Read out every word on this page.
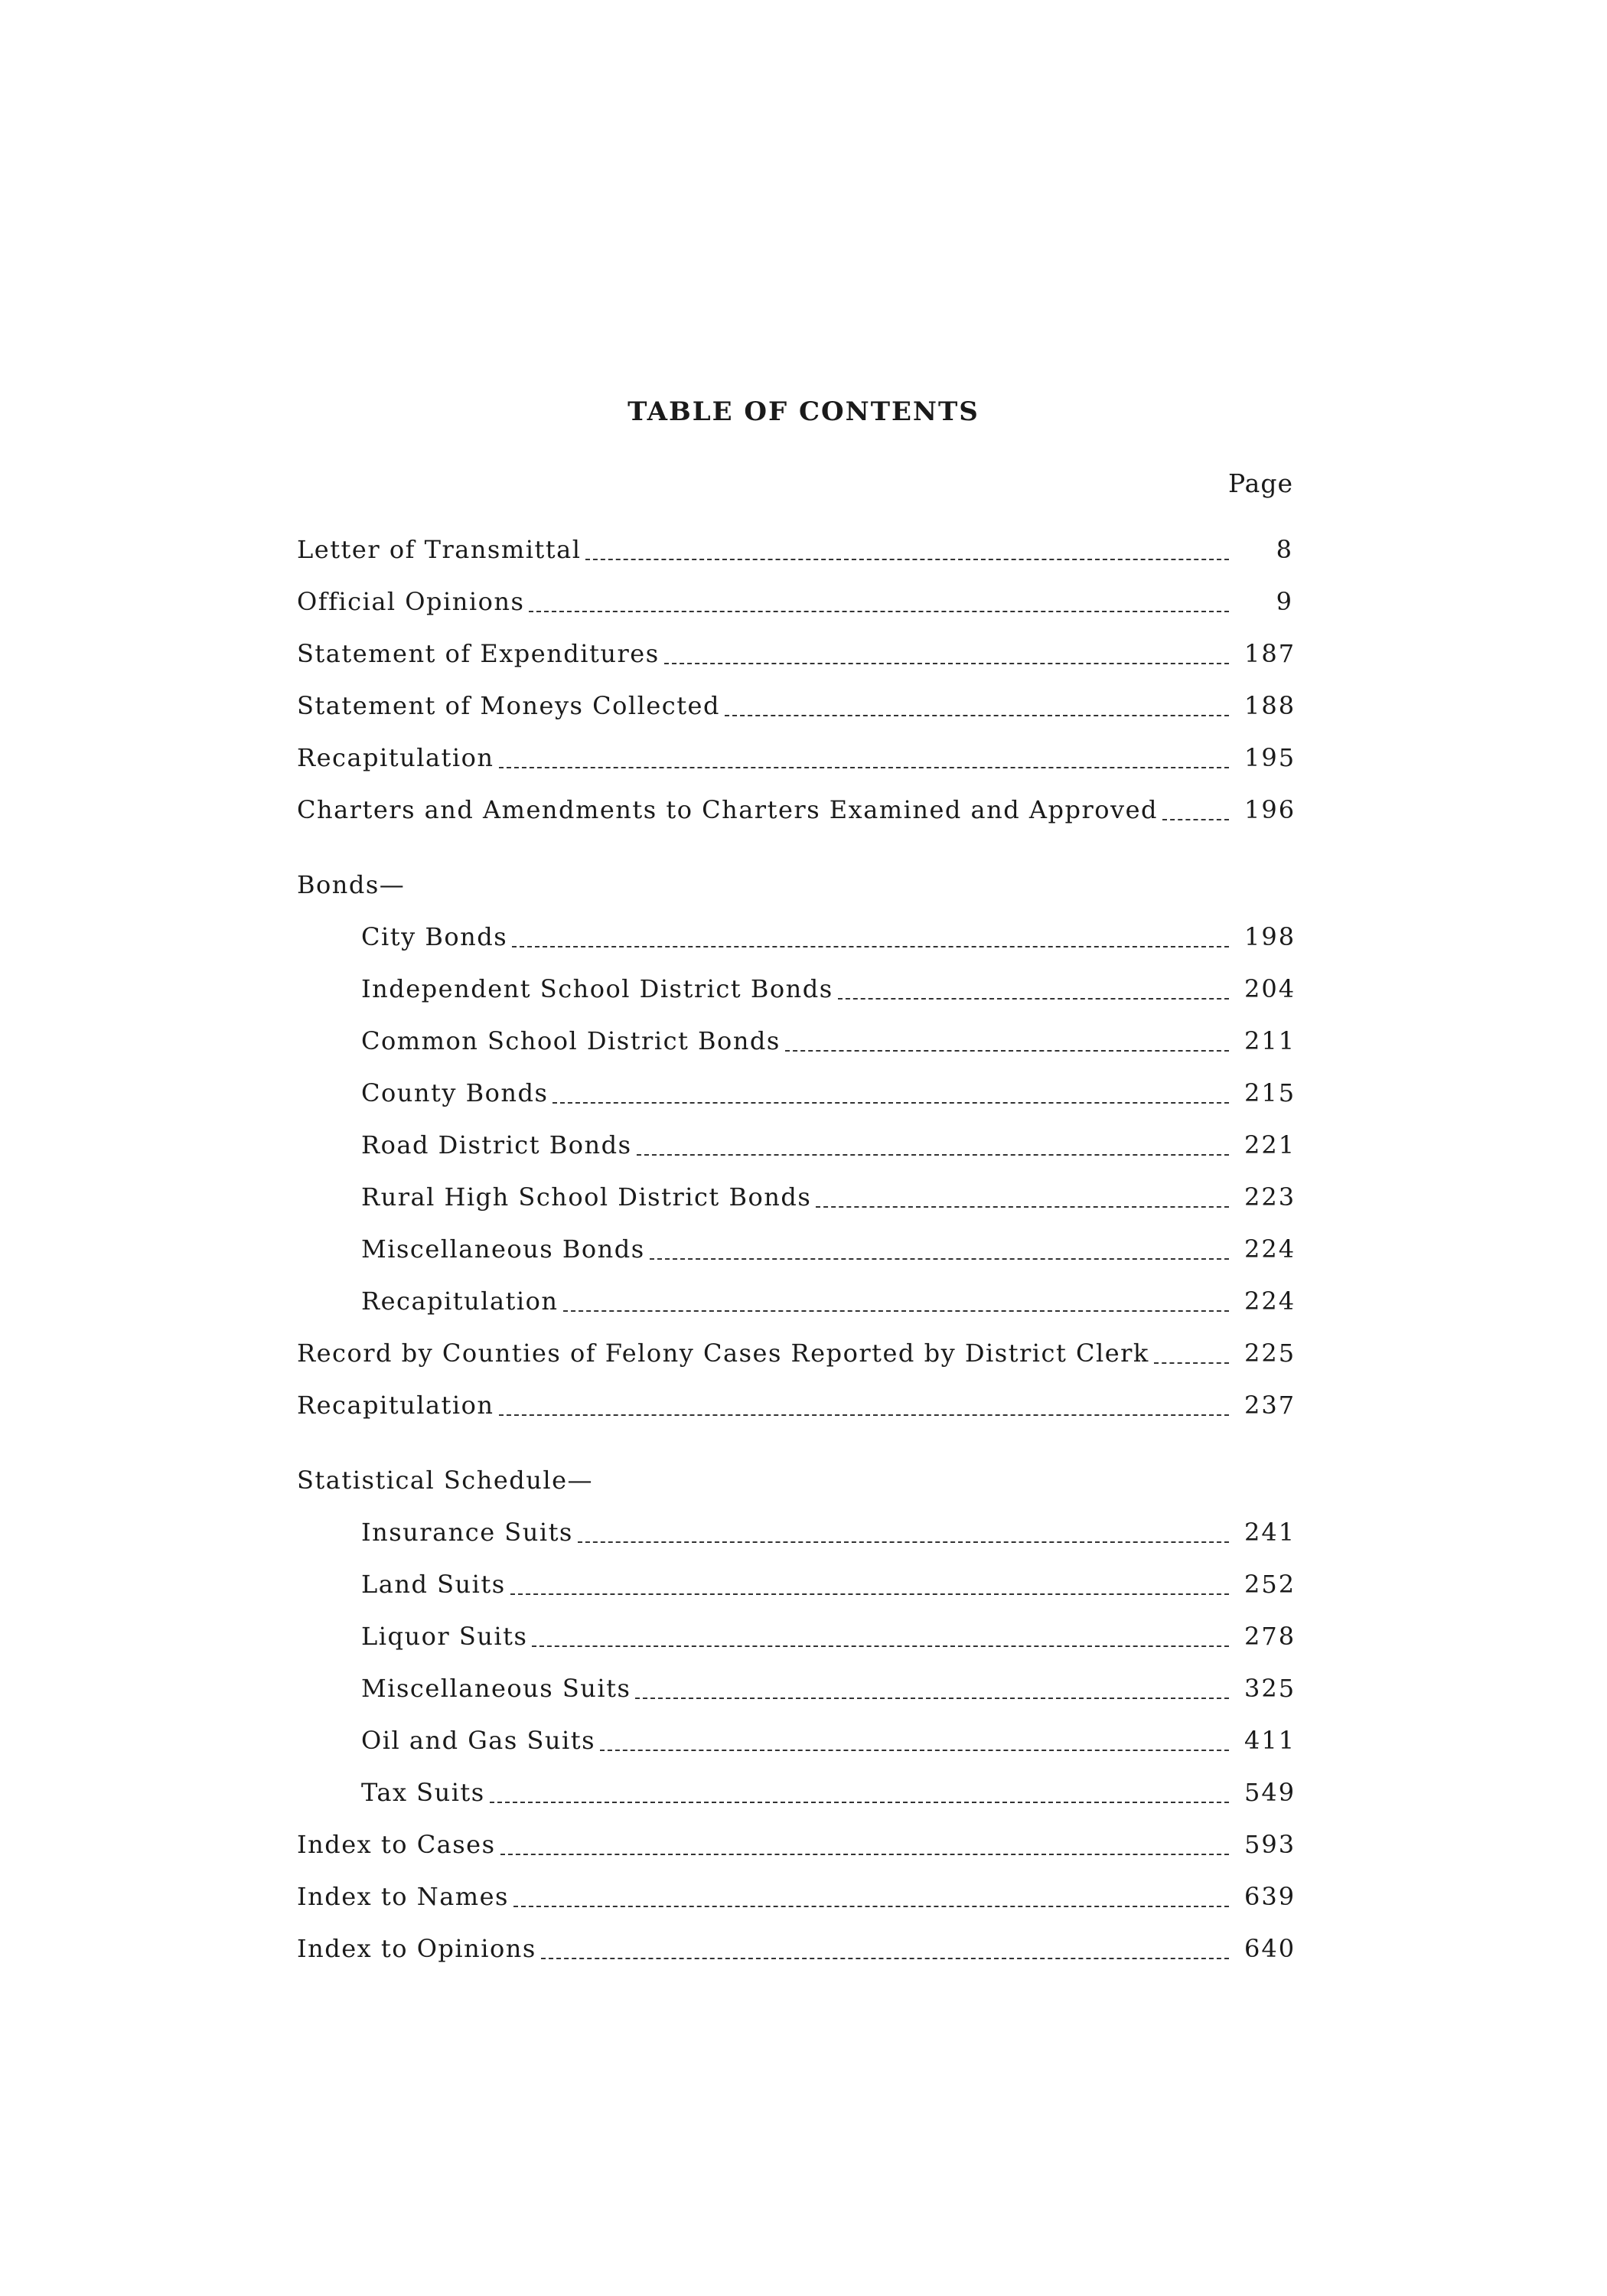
TABLE OF CONTENTS
Page
Letter of Transmittal	8
Official Opinions	9
Statement of Expenditures	187
Statement of Moneys Collected	188
Recapitulation	195
Charters and Amendments to Charters Examined and Approved	196
Bonds—
City Bonds	198
Independent School District Bonds	204
Common School District Bonds	211
County Bonds	215
Road District Bonds	221
Rural High School District Bonds	223
Miscellaneous Bonds	224
Recapitulation	224
Record by Counties of Felony Cases Reported by District Clerk	225
Recapitulation	237
Statistical Schedule—
Insurance Suits	241
Land Suits	252
Liquor Suits	278
Miscellaneous Suits	325
Oil and Gas Suits	411
Tax Suits	549
Index to Cases	593
Index to Names	639
Index to Opinions	640
